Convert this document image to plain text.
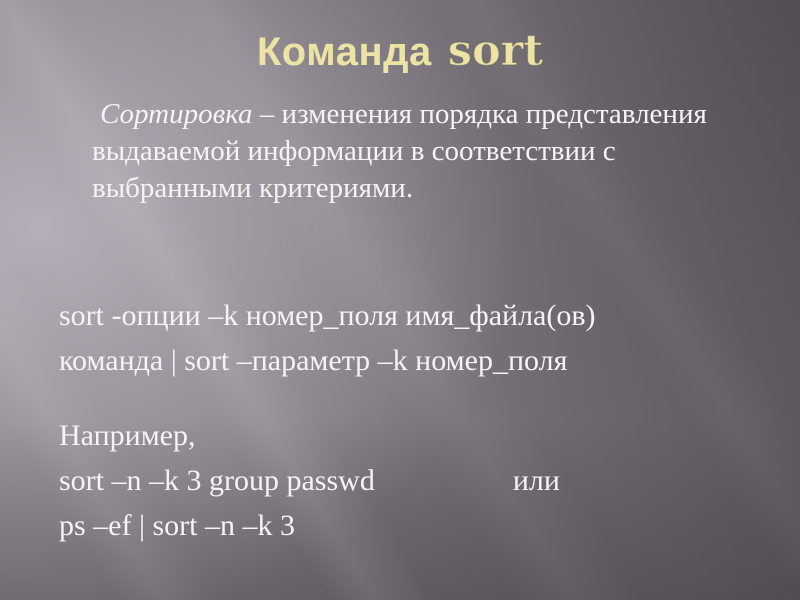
Команда sort

Сортировка – изменения порядка представления выдаваемой информации в соответствии с выбранными критериями.

sort -опции –k номер_поля имя_файла(ов)
команда | sort –параметр –k номер_поля
Например,
sort –n –k 3 group passwd	или
ps –ef | sort –n –k 3
